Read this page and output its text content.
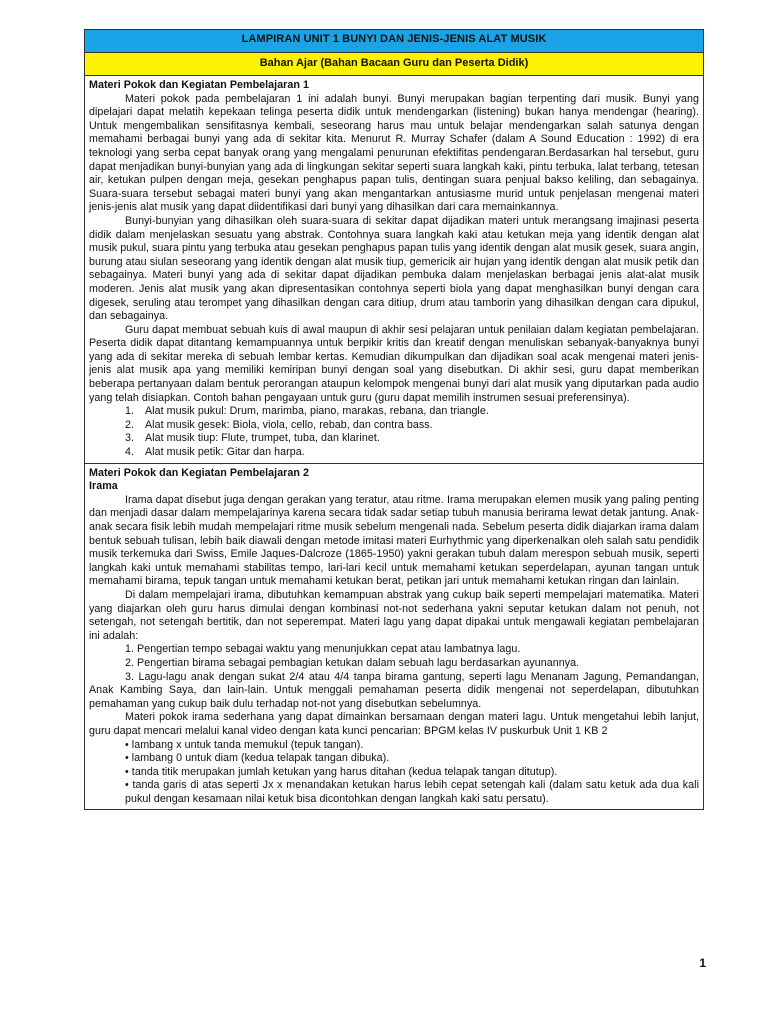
LAMPIRAN UNIT 1 BUNYI DAN JENIS-JENIS ALAT MUSIK
Bahan Ajar (Bahan Bacaan Guru dan Peserta Didik)
Materi Pokok dan Kegiatan Pembelajaran 1

Materi pokok pada pembelajaran 1 ini adalah bunyi. Bunyi merupakan bagian terpenting dari musik. Bunyi yang dipelajari dapat melatih kepekaan telinga peserta didik untuk mendengarkan (listening) bukan hanya mendengar (hearing). Untuk mengembalikan sensifitasnya kembali, seseorang harus mau untuk belajar mendengarkan salah satunya dengan memahami berbagai bunyi yang ada di sekitar kita. Menurut R. Murray Schafer (dalam A Sound Education : 1992) di era teknologi yang serba cepat banyak orang yang mengalami penurunan efektifitas pendengaran.Berdasarkan hal tersebut, guru dapat menjadikan bunyi-bunyian yang ada di lingkungan sekitar seperti suara langkah kaki, pintu terbuka, lalat terbang, tetesan air, ketukan pulpen dengan meja, gesekan penghapus papan tulis, dentingan suara penjual bakso keliling, dan sebagainya. Suara-suara tersebut sebagai materi bunyi yang akan mengantarkan antusiasme murid untuk penjelasan mengenai materi jenis-jenis alat musik yang dapat diidentifikasi dari bunyi yang dihasilkan dari cara memainkannya.

Bunyi-bunyian yang dihasilkan oleh suara-suara di sekitar dapat dijadikan materi untuk merangsang imajinasi peserta didik dalam menjelaskan sesuatu yang abstrak. Contohnya suara langkah kaki atau ketukan meja yang identik dengan alat musik pukul, suara pintu yang terbuka atau gesekan penghapus papan tulis yang identik dengan alat musik gesek, suara angin, burung atau siulan seseorang yang identik dengan alat musik tiup, gemericik air hujan yang identik dengan alat musik petik dan sebagainya. Materi bunyi yang ada di sekitar dapat dijadikan pembuka dalam menjelaskan berbagai jenis alat-alat musik moderen. Jenis alat musik yang akan dipresentasikan contohnya seperti biola yang dapat menghasilkan bunyi dengan cara digesek, seruling atau terompet yang dihasilkan dengan cara ditiup, drum atau tamborin yang dihasilkan dengan cara dipukul, dan sebagainya.

Guru dapat membuat sebuah kuis di awal maupun di akhir sesi pelajaran untuk penilaian dalam kegiatan pembelajaran. Peserta didik dapat ditantang kemampuannya untuk berpikir kritis dan kreatif dengan menuliskan sebanyak-banyaknya bunyi yang ada di sekitar mereka di sebuah lembar kertas. Kemudian dikumpulkan dan dijadikan soal acak mengenai materi jenis-jenis alat musik apa yang memiliki kemiripan bunyi dengan soal yang disebutkan. Di akhir sesi, guru dapat memberikan beberapa pertanyaan dalam bentuk perorangan ataupun kelompok mengenai bunyi dari alat musik yang diputarkan pada audio yang telah disiapkan. Contoh bahan pengayaan untuk guru (guru dapat memilih instrumen sesuai preferensinya).

1.	Alat musik pukul: Drum, marimba, piano, marakas, rebana, dan triangle.
2.	Alat musik gesek: Biola, viola, cello, rebab, dan contra bass.
3.	Alat musik tiup: Flute, trumpet, tuba, dan klarinet.
4.	Alat musik petik: Gitar dan harpa.
Materi Pokok dan Kegiatan Pembelajaran 2
Irama

Irama dapat disebut juga dengan gerakan yang teratur, atau ritme. Irama merupakan elemen musik yang paling penting dan menjadi dasar dalam mempelajarinya karena secara tidak sadar setiap tubuh manusia berirama lewat detak jantung. Anak-anak secara fisik lebih mudah mempelajari ritme musik sebelum mengenali nada. Sebelum peserta didik diajarkan irama dalam bentuk sebuah tulisan, lebih baik diawali dengan metode imitasi materi Eurhythmic yang diperkenalkan oleh salah satu pendidik musik terkemuka dari Swiss, Emile Jaques-Dalcroze (1865-1950) yakni gerakan tubuh dalam merespon sebuah musik, seperti langkah kaki untuk memahami stabilitas tempo, lari-lari kecil untuk memahami ketukan seperdelapan, ayunan tangan untuk memahami birama, tepuk tangan untuk memahami ketukan berat, petikan jari untuk memahami ketukan ringan dan lainlain.

Di dalam mempelajari irama, dibutuhkan kemampuan abstrak yang cukup baik seperti mempelajari matematika. Materi yang diajarkan oleh guru harus dimulai dengan kombinasi not-not sederhana yakni seputar ketukan dalam not penuh, not setengah, not setengah bertitik, dan not seperempat. Materi lagu yang dapat dipakai untuk mengawali kegiatan pembelajaran ini adalah:

1. Pengertian tempo sebagai waktu yang menunjukkan cepat atau lambatnya lagu.

2. Pengertian birama sebagai pembagian ketukan dalam sebuah lagu berdasarkan ayunannya.

3. Lagu-lagu anak dengan sukat 2/4 atau 4/4 tanpa birama gantung, seperti lagu Menanam Jagung, Pemandangan, Anak Kambing Saya, dan lain-lain. Untuk menggali pemahaman peserta didik mengenai not seperdelapan, dibutuhkan pemahaman yang cukup baik dulu terhadap not-not yang disebutkan sebelumnya.

Materi pokok irama sederhana yang dapat dimainkan bersamaan dengan materi lagu. Untuk mengetahui lebih lanjut, guru dapat mencari melalui kanal video dengan kata kunci pencarian: BPGM kelas IV puskurbuk Unit 1 KB 2

• lambang x untuk tanda memukul (tepuk tangan).
• lambang 0 untuk diam (kedua telapak tangan dibuka).
• tanda titik merupakan jumlah ketukan yang harus ditahan (kedua telapak tangan ditutup).
• tanda garis di atas seperti Jx x menandakan ketukan harus lebih cepat setengah kali (dalam satu ketuk ada dua kali pukul dengan kesamaan nilai ketuk bisa dicontohkan dengan langkah kaki satu persatu).
1
